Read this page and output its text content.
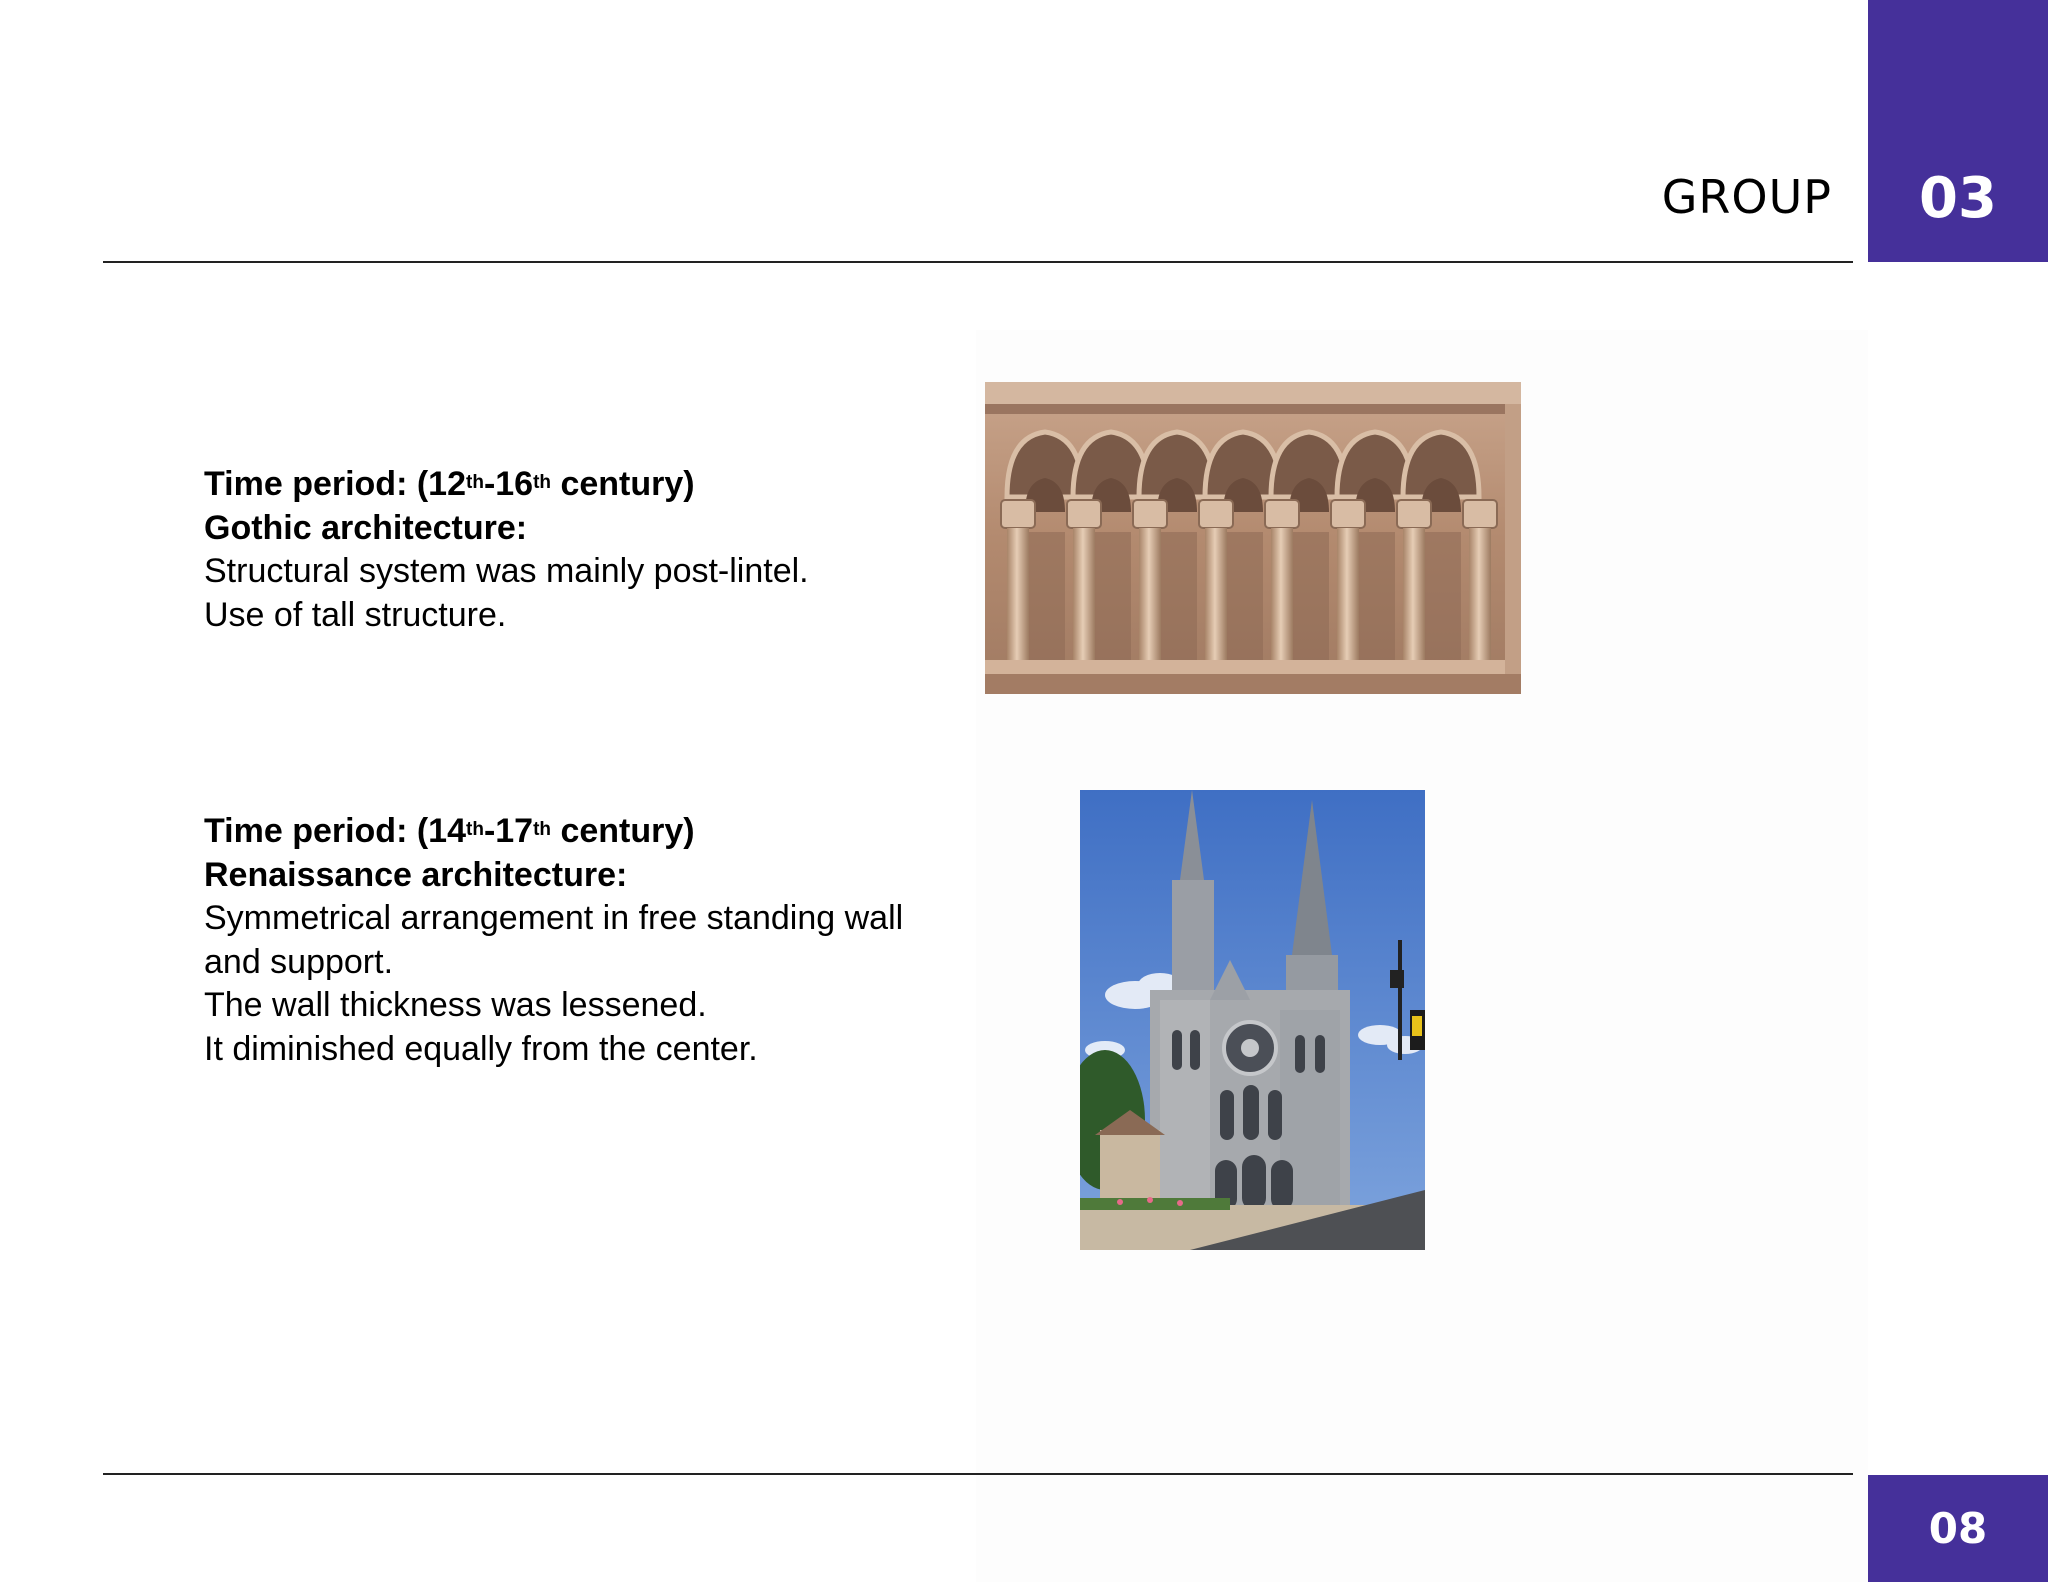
GROUP 03
Time period: (12th-16th century)
Gothic architecture:
Structural system was mainly post-lintel.
Use of tall structure.
Time period: (14th-17th century)
Renaissance architecture:
Symmetrical arrangement in free standing wall
and support.
The wall thickness was lessened.
It diminished equally from the center.
08
